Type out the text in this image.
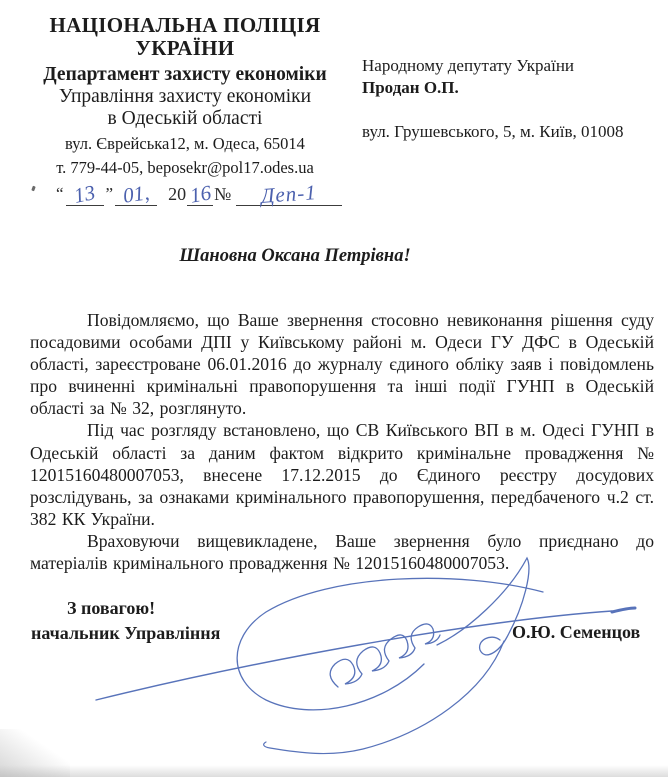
НАЦІОНАЛЬНА ПОЛІЦІЯ
УКРАЇНИ
Департамент захисту економіки
Управління захисту економіки
в Одеській області
вул. Єврейська12, м. Одеса, 65014
т. 779-44-05, beposekr@pol17.odes.ua
Народному депутату України
Продан О.П.
вул. Грушевського, 5, м. Київ, 01008
“ 13 ” 01, 20 16 №	Деп-1
Шановна Оксана Петрівна!

Повідомляємо, що Ваше звернення стосовно невиконання рішення суду посадовими особами ДПІ у Київському районі м. Одеси ГУ ДФС в Одеській області, зареєстроване 06.01.2016 до журналу єдиного обліку заяв і повідомлень про вчиненні кримінальні правопорушення та інші події ГУНП в Одеській області за № 32, розглянуто.

Під час розгляду встановлено, що СВ Київського ВП в м. Одесі ГУНП в Одеській області за даним фактом відкрито кримінальне провадження № 12015160480007053, внесене 17.12.2015 до Єдиного реєстру досудових розслідувань, за ознаками кримінального правопорушення, передбаченого ч.2 ст. 382 КК України.

Враховуючи вищевикладене, Ваше звернення було приєднано до матеріалів кримінального провадження № 12015160480007053.

З повагою!
начальник Управління	О.Ю. Семенцов
